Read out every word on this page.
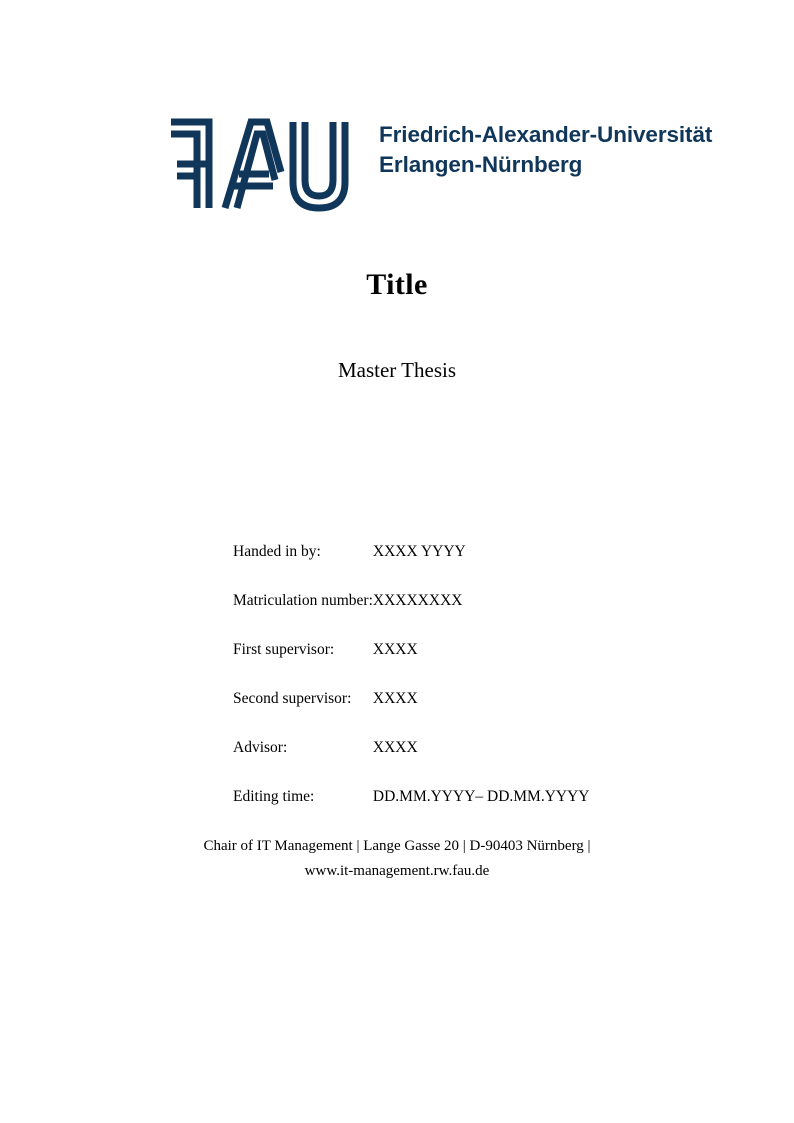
Friedrich-Alexander-Universität
Erlangen-Nürnberg
Title
Master Thesis
Handed in by:	XXXX YYYY
Matriculation number:	XXXXXXXX
First supervisor:	XXXX
Second supervisor:	XXXX
Advisor:	XXXX
Editing time:	DD.MM.YYYY– DD.MM.YYYY
Chair of IT Management | Lange Gasse 20 | D-90403 Nürnberg |
www.it-management.rw.fau.de
